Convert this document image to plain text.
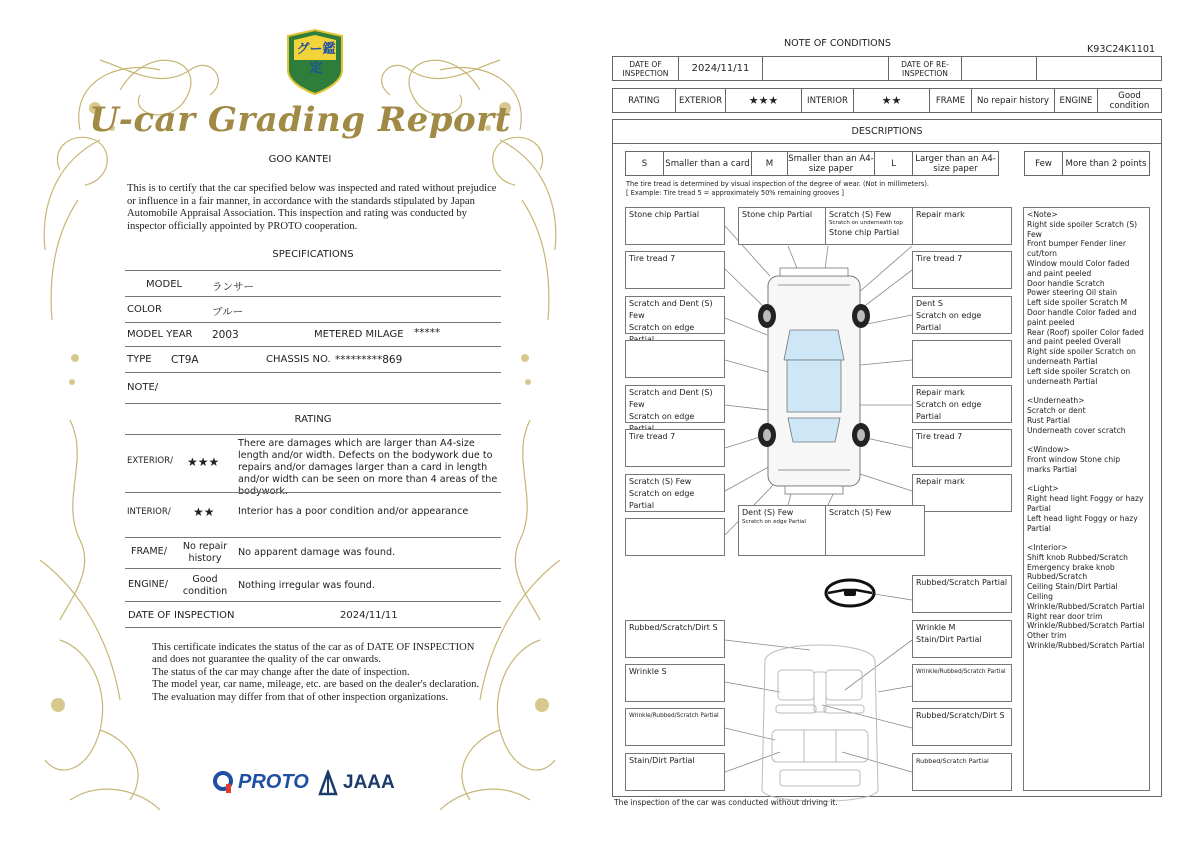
グー鑑定
U-car Grading Report
GOO KANTEI
This is to certify that the car specified below was inspected and rated without prejudice or influence in a fair manner, in accordance with the standards stipulated by Japan Automobile Appraisal Association. This inspection and rating was conducted by inspector officially appointed by PROTO cooperation.
SPECIFICATIONS
MODEL	ランサー
COLOR	ブルー
MODEL YEAR 2003	METERED MILAGE *****
TYPE CT9A	CHASSIS NO. *********869
NOTE/
RATING
EXTERIOR/ ★★★
There are damages which are larger than A4-size length and/or width. Defects on the bodywork due to repairs and/or damages larger than a card in length and/or width can be seen on more than 4 areas of the bodywork.
INTERIOR/ ★★ Interior has a poor condition and/or appearance
FRAME/	No repair history
No apparent damage was found.
ENGINE/	Good condition
Nothing irregular was found.
DATE OF INSPECTION	2024/11/11
This certificate indicates the status of the car as of DATE OF INSPECTION and does not guarantee the quality of the car onwards.
The status of the car may change after the date of inspection.
The model year, car name, mileage, etc. are based on the dealer's declaration.
The evaluation may differ from that of other inspection organizations.
PROTO JAAA
NOTE OF CONDITIONS
K93C24K1101
DATE OF INSPECTION	2024/11/11	DATE OF RE-INSPECTION
RATING	EXTERIOR	★★★	INTERIOR	★★	FRAME	No repair history	ENGINE	Good condition
DESCRIPTIONS
S	Smaller than a card	M	Smaller than an A4-size paper	L	Larger than an A4-size paper	Few	More than 2 points
The tire tread is determined by visual inspection of the degree of wear. (Not in millimeters).
[ Example: Tire tread 5 = approximately 50% remaining grooves ]
Stone chip Partial
Tire tread 7
Scratch and Dent (S) Few
Scratch on edge
Scratch and Dent (S) Few
Scratch on edge
Tire tread 7
Scratch (S) Few
Scratch on edge Partial
Stone chip Partial	Scratch (S) Few
Scratch on underneath top
Stone chip Partial
Repair mark
Tire tread 7
Dent S
Scratch on edge Partial
Repair mark
Scratch on edge Partial
Tire tread 7
Repair mark
Dent (S) Few
Scratch on edge Partial
Scratch (S) Few
Rubbed/Scratch Partial
Rubbed/Scratch/Dirt S	Wrinkle M
Stain/Dirt Partial
Wrinkle S	Wrinkle/Rubbed/Scratch Partial
Wrinkle/Rubbed/Scratch Partial	Rubbed/Scratch/Dirt S
Stain/Dirt Partial	Rubbed/Scratch Partial

<Note>
Right side spoiler Scratch (S) Few
Front bumper Fender liner cut/torn
Window mould Color faded and paint peeled
Door handle Scratch
Power steering Oil stain
Left side spoiler Scratch M
Door handle Color faded and paint peeled
Rear (Roof) spoiler Color faded and paint peeled Overall
Right side spoiler Scratch on underneath Partial
Left side spoiler Scratch on underneath Partial

<Underneath>
Scratch or dent
Rust Partial
Underneath cover scratch

<Window>
Front window Stone chip marks Partial

<Light>
Right head light Foggy or hazy Partial
Left head light Foggy or hazy Partial

<Interior>
Shift knob Rubbed/Scratch
Emergency brake knob Rubbed/Scratch
Ceiling Stain/Dirt Partial
Ceiling Wrinkle/Rubbed/Scratch Partial
Right rear door trim Wrinkle/Rubbed/Scratch Partial
Other trim Wrinkle/Rubbed/Scratch Partial

The inspection of the car was conducted without driving it.
